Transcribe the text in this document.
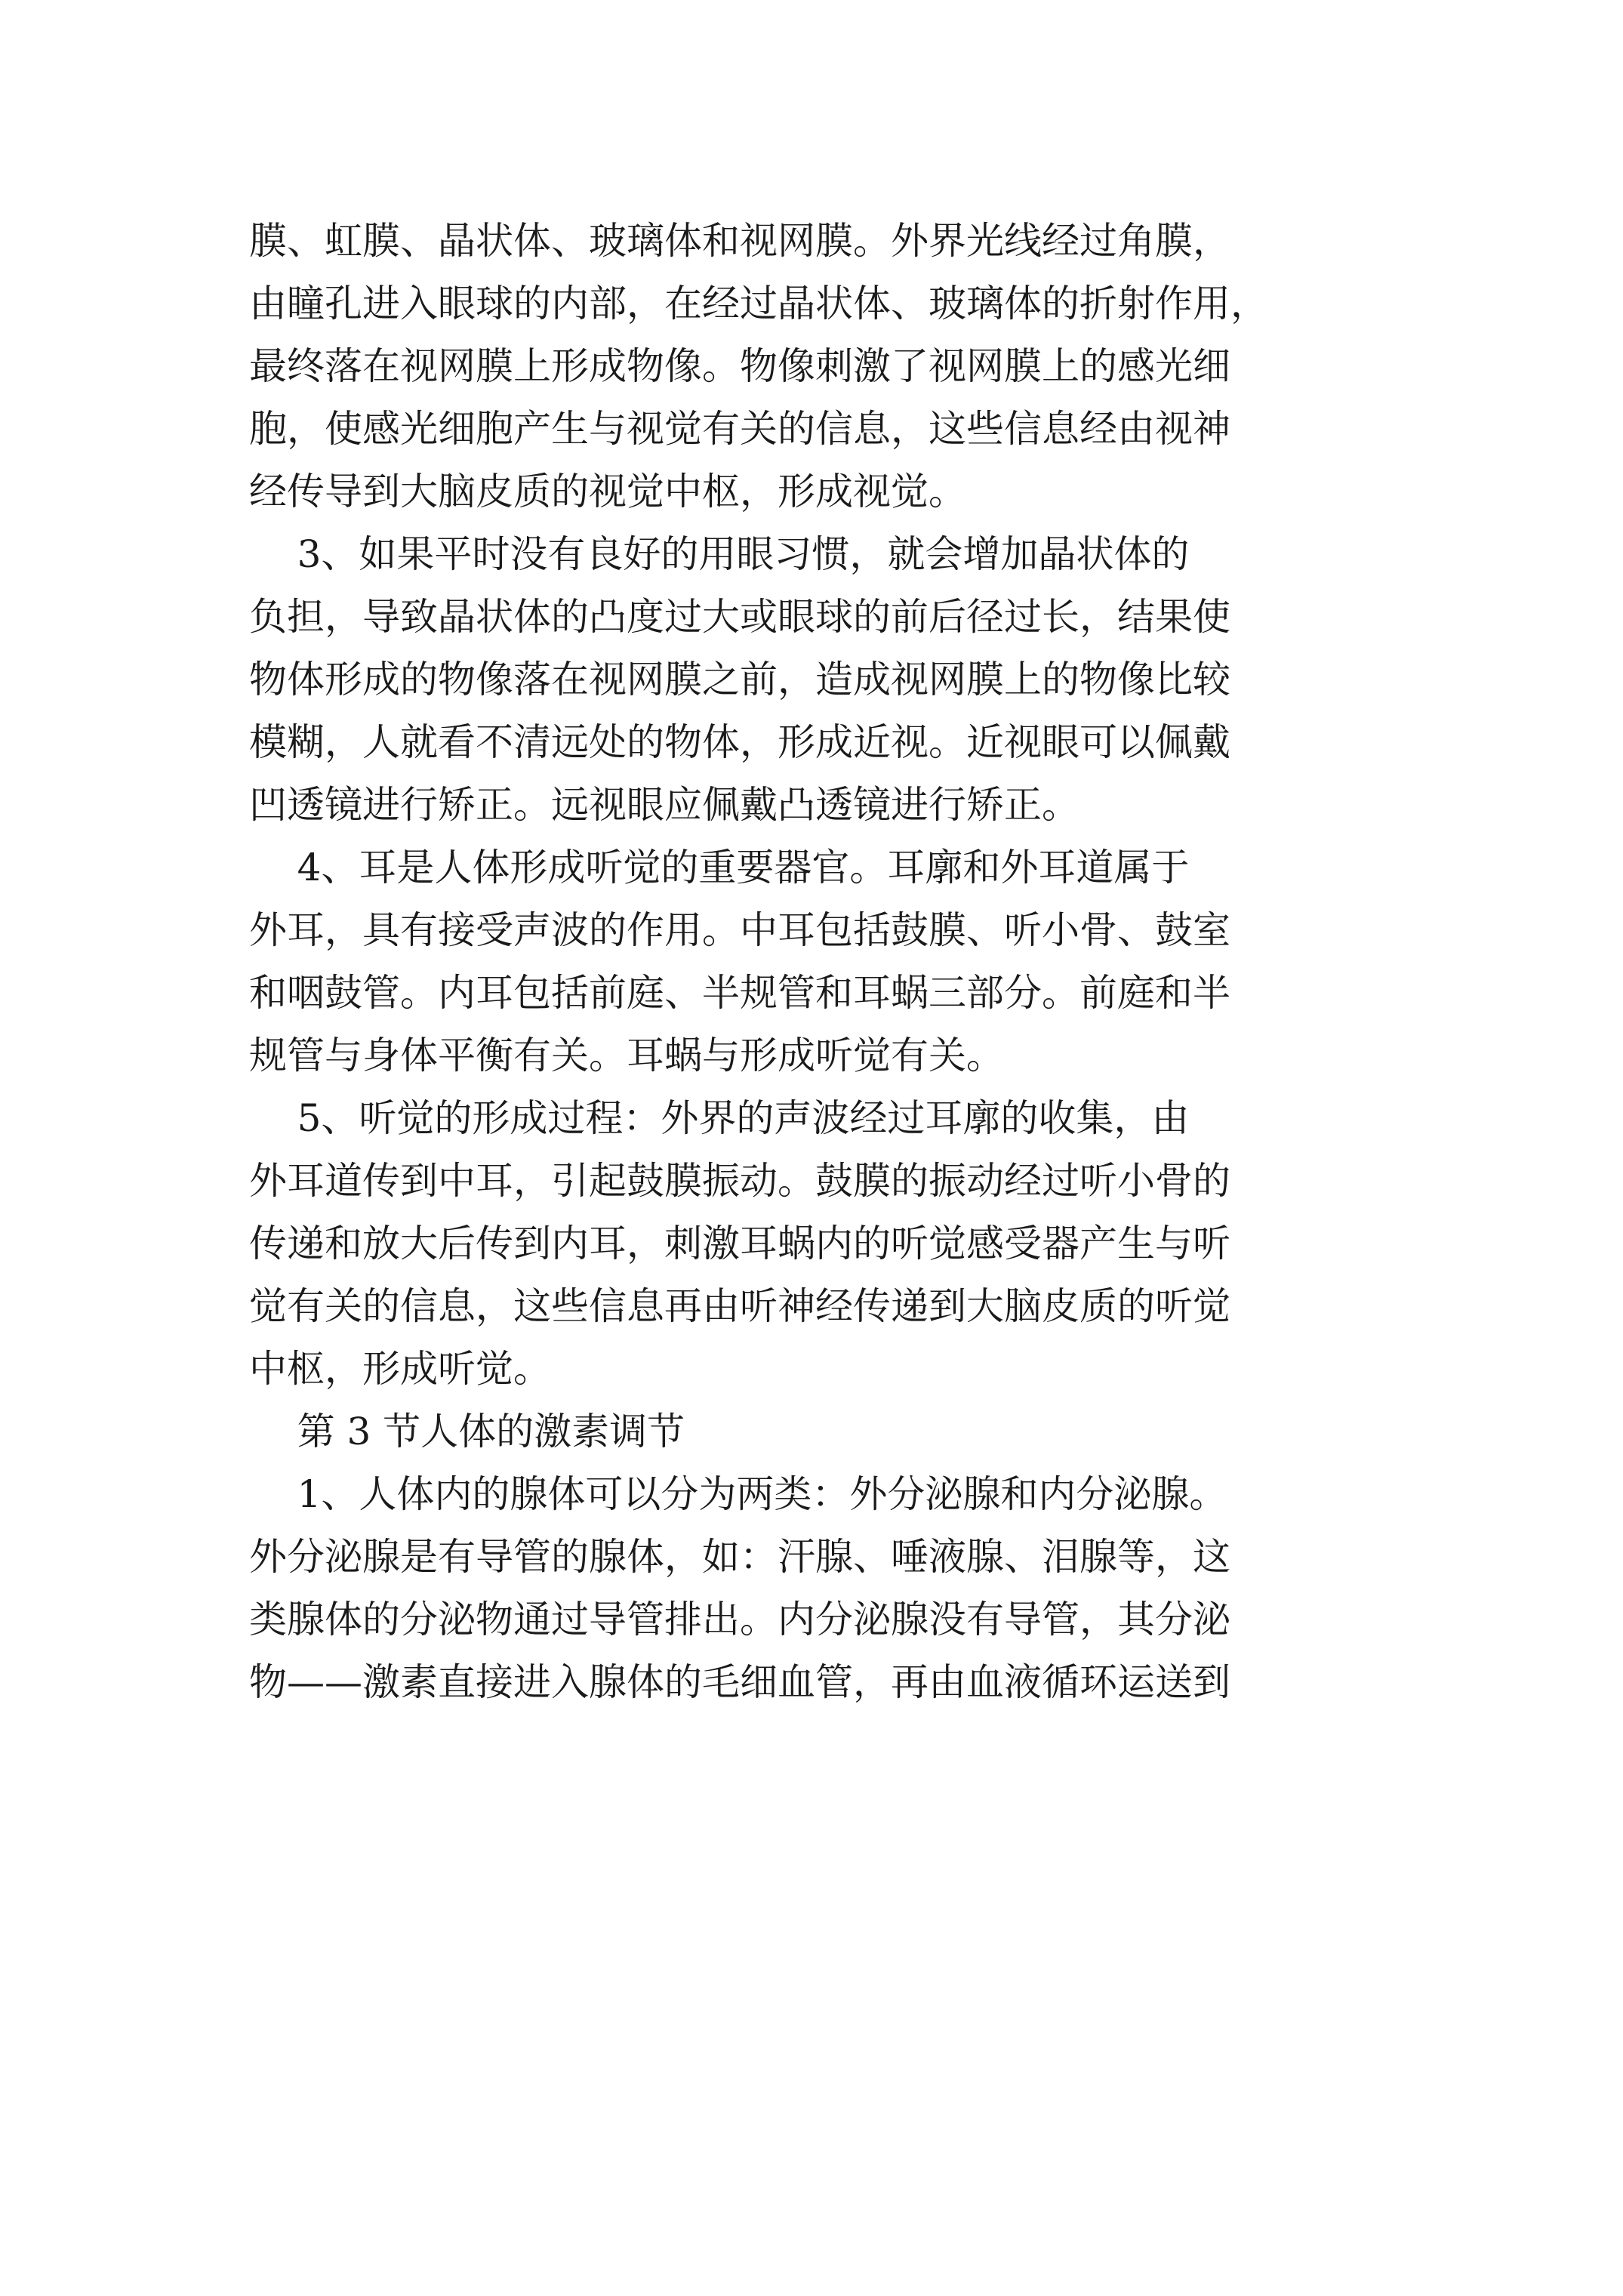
膜、虹膜、晶状体、玻璃体和视网膜。外界光线经过角膜，
由瞳孔进入眼球的内部，在经过晶状体、玻璃体的折射作用，
最终落在视网膜上形成物像。物像刺激了视网膜上的感光细
胞，使感光细胞产生与视觉有关的信息，这些信息经由视神
经传导到大脑皮质的视觉中枢，形成视觉。
3、如果平时没有良好的用眼习惯，就会增加晶状体的
负担，导致晶状体的凸度过大或眼球的前后径过长，结果使
物体形成的物像落在视网膜之前，造成视网膜上的物像比较
模糊，人就看不清远处的物体，形成近视。近视眼可以佩戴
凹透镜进行矫正。远视眼应佩戴凸透镜进行矫正。
4、耳是人体形成听觉的重要器官。耳廓和外耳道属于
外耳，具有接受声波的作用。中耳包括鼓膜、听小骨、鼓室
和咽鼓管。内耳包括前庭、半规管和耳蜗三部分。前庭和半
规管与身体平衡有关。耳蜗与形成听觉有关。
5、听觉的形成过程：外界的声波经过耳廓的收集，由
外耳道传到中耳，引起鼓膜振动。鼓膜的振动经过听小骨的
传递和放大后传到内耳，刺激耳蜗内的听觉感受器产生与听
觉有关的信息，这些信息再由听神经传递到大脑皮质的听觉
中枢，形成听觉。
第 3 节人体的激素调节
1、人体内的腺体可以分为两类：外分泌腺和内分泌腺。
外分泌腺是有导管的腺体，如：汗腺、唾液腺、泪腺等，这
类腺体的分泌物通过导管排出。内分泌腺没有导管，其分泌
物——激素直接进入腺体的毛细血管，再由血液循环运送到
